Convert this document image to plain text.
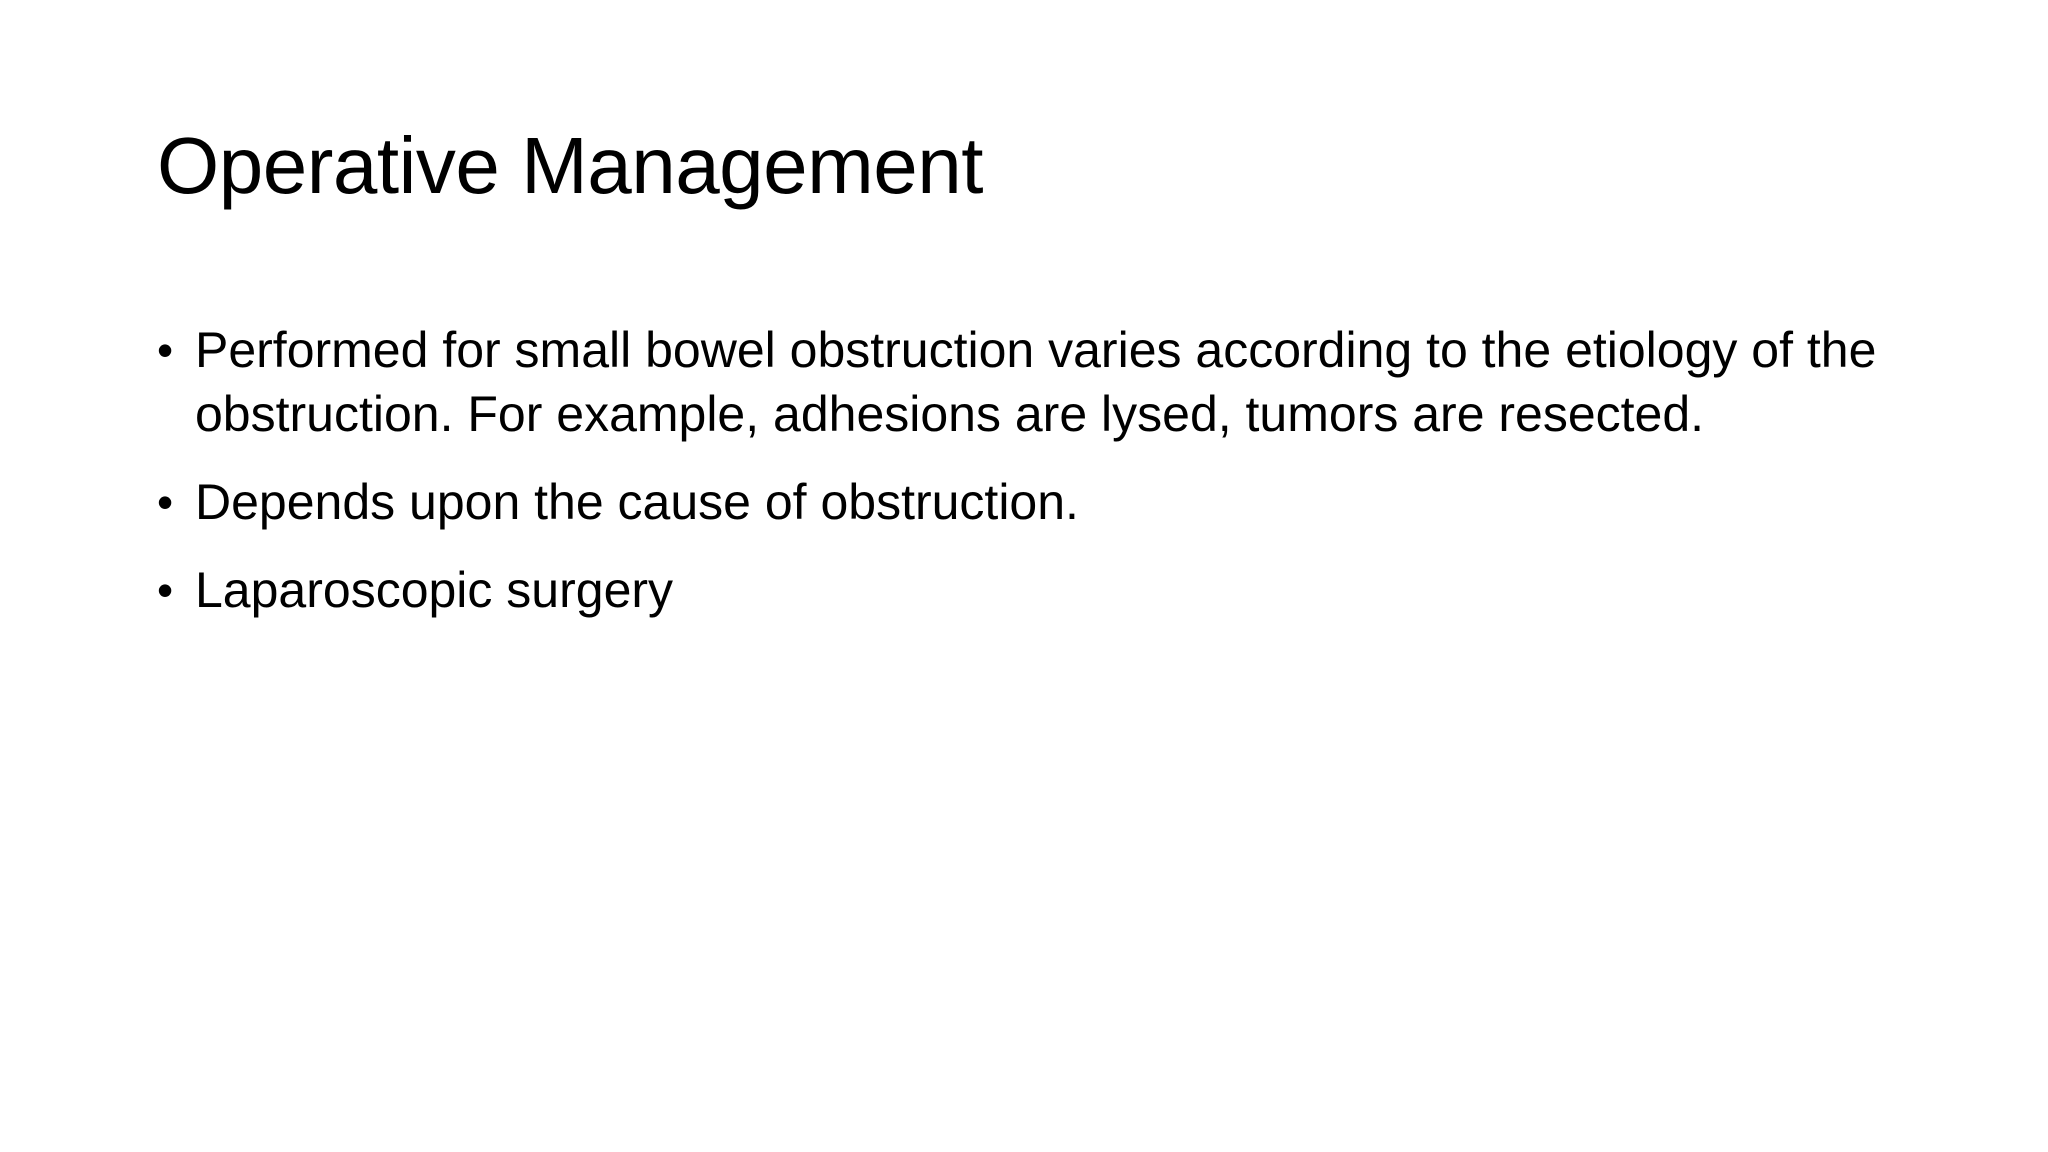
Operative Management
• Performed for small bowel obstruction varies according to the etiology of the obstruction. For example, adhesions are lysed, tumors are resected.
• Depends upon the cause of obstruction.
• Laparoscopic surgery
